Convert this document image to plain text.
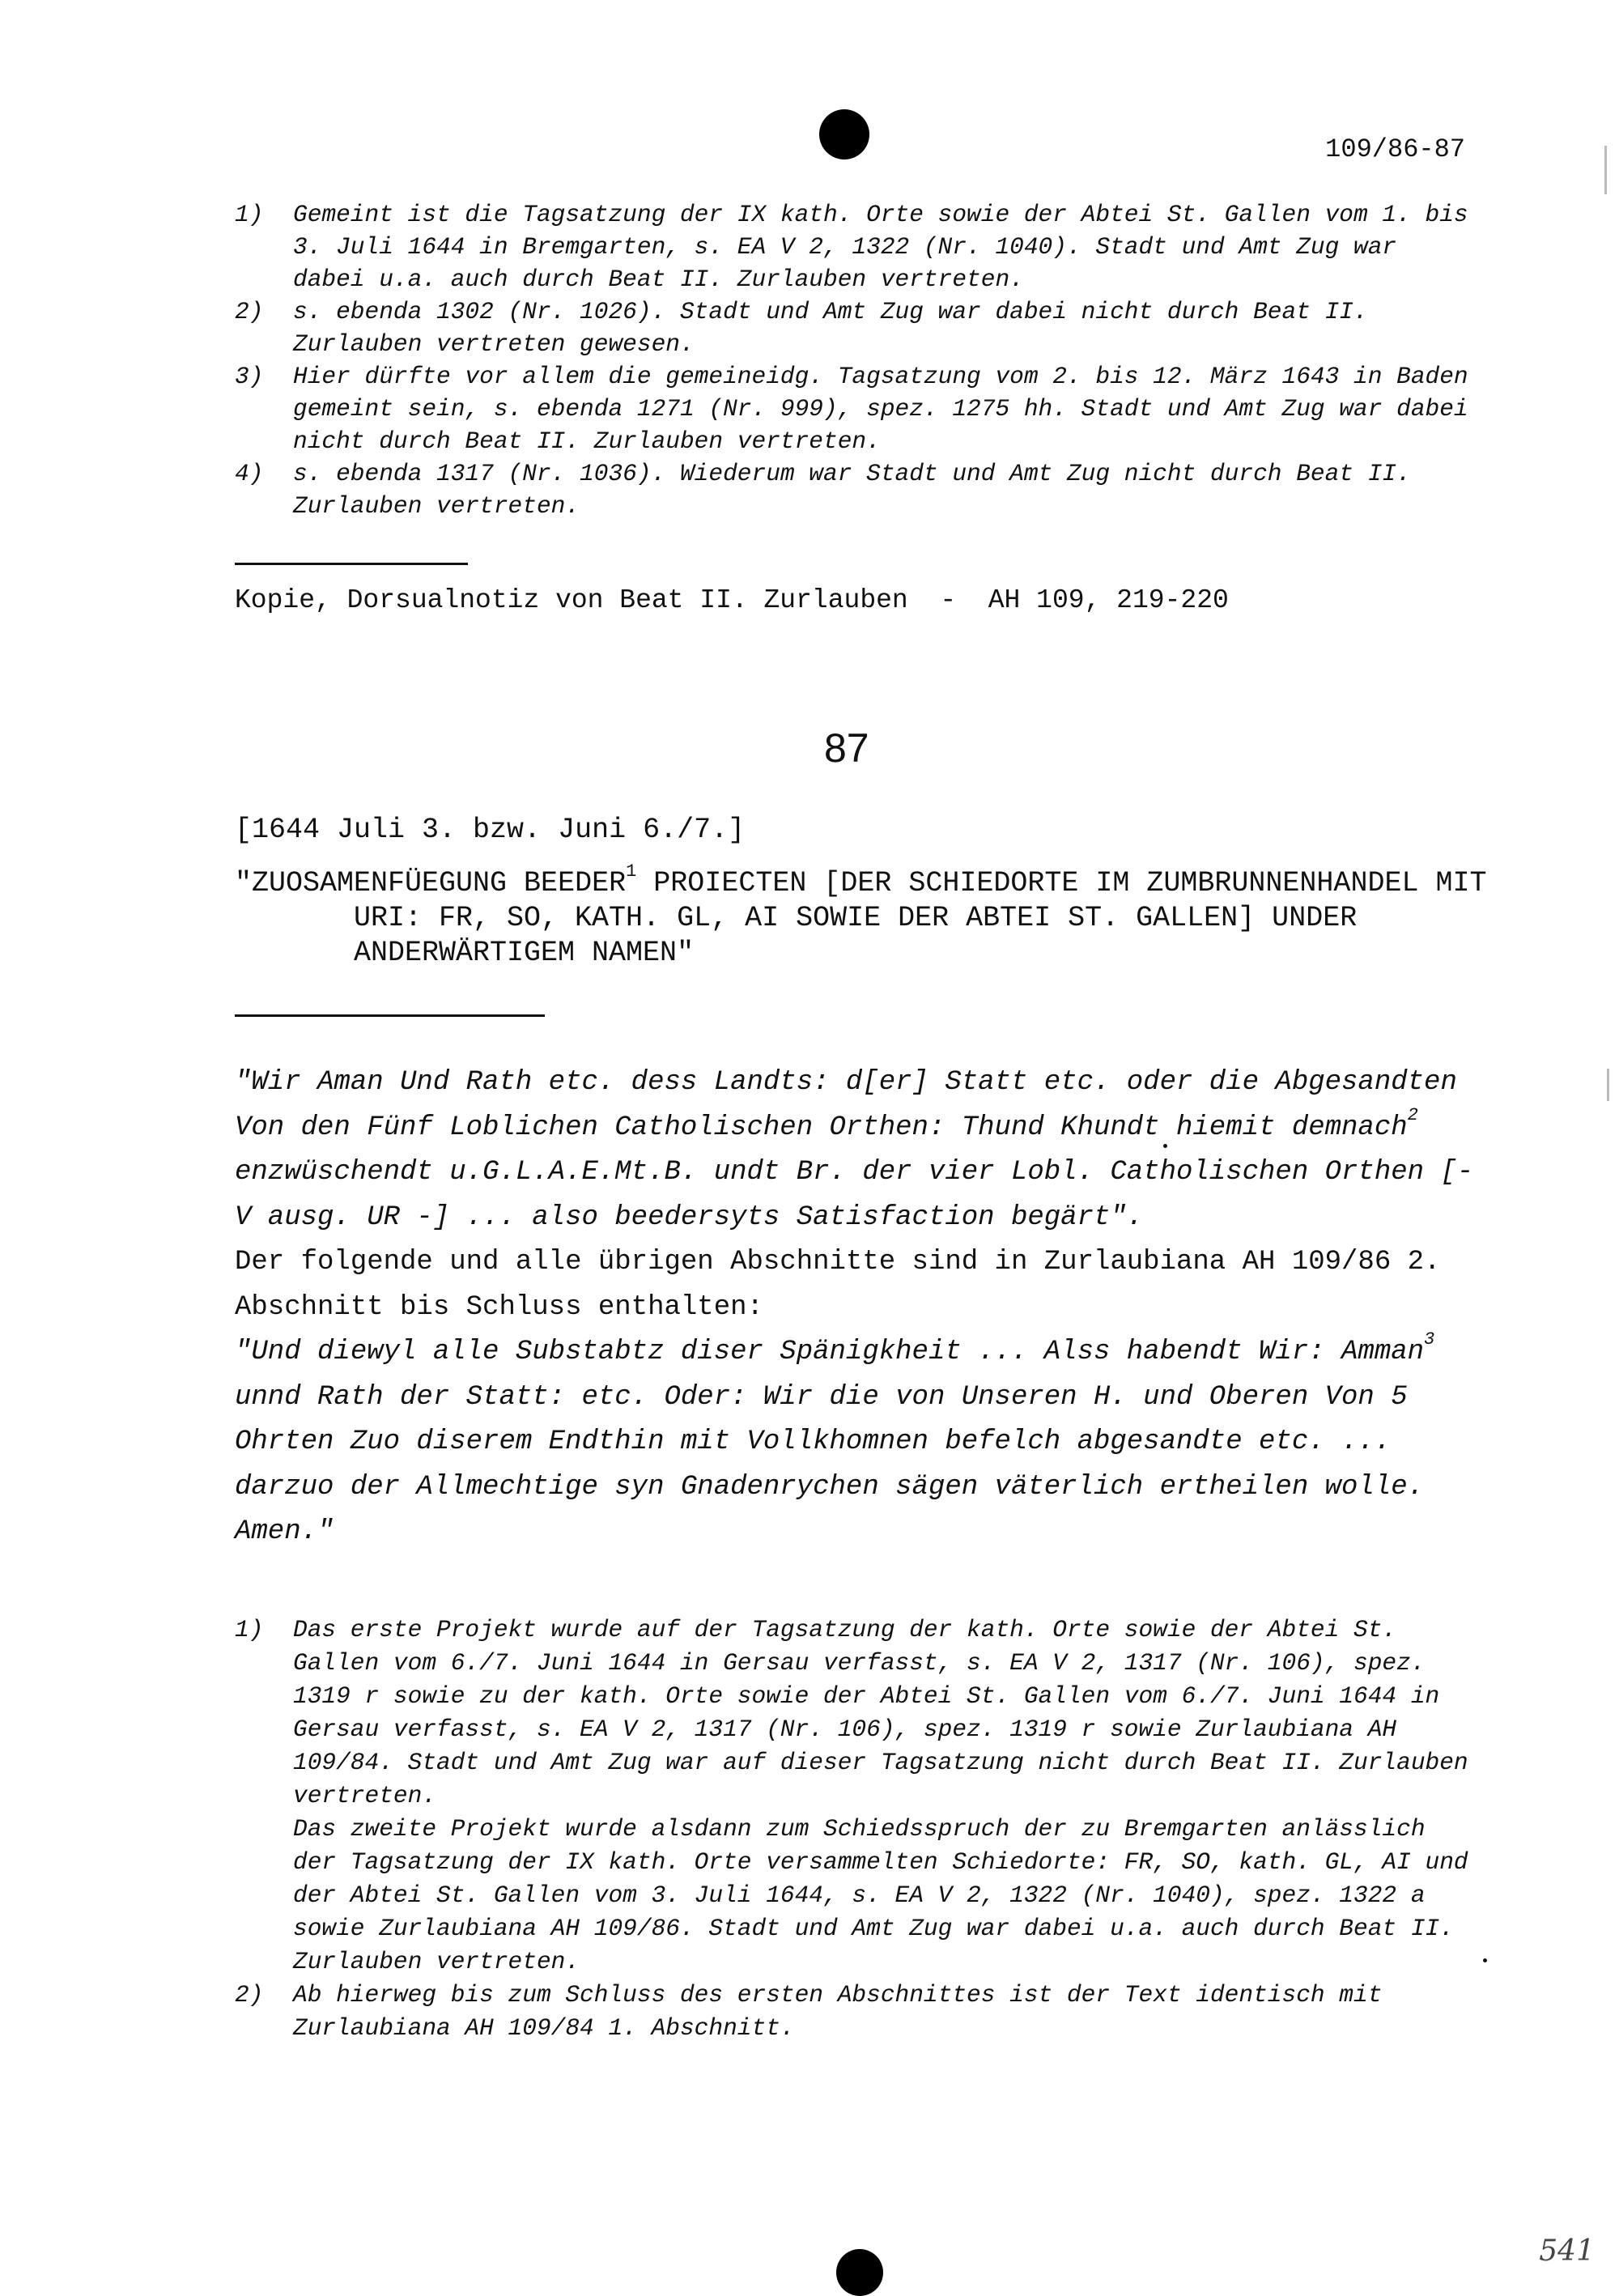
109/86-87
1) Gemeint ist die Tagsatzung der IX kath. Orte sowie der Abtei St. Gallen vom 1. bis 3. Juli 1644 in Bremgarten, s. EA V 2, 1322 (Nr. 1040). Stadt und Amt Zug war dabei u.a. auch durch Beat II. Zurlauben vertreten.
2) s. ebenda 1302 (Nr. 1026). Stadt und Amt Zug war dabei nicht durch Beat II. Zurlauben vertreten gewesen.
3) Hier dürfte vor allem die gemeineidg. Tagsatzung vom 2. bis 12. März 1643 in Baden gemeint sein, s. ebenda 1271 (Nr. 999), spez. 1275 hh. Stadt und Amt Zug war dabei nicht durch Beat II. Zurlauben vertreten.
4) s. ebenda 1317 (Nr. 1036). Wiederum war Stadt und Amt Zug nicht durch Beat II. Zurlauben vertreten.
Kopie, Dorsualnotiz von Beat II. Zurlauben  -  AH 109, 219-220
87
[1644 Juli 3. bzw. Juni 6./7.]
"ZUOSAMENFÜEGUNG BEEDER$^1$ PROIECTEN [DER SCHIEDORTE IM ZUMBRUNNENHANDEL MIT URI: FR, SO, KATH. GL, AI SOWIE DER ABTEI ST. GALLEN] UNDER ANDERWÄRTIGEM NAMEN"
"Wir Aman Und Rath etc. dess Landts: d[er] Statt etc. oder die Abgesandten Von den Fünf Loblichen Catholischen Orthen: Thund Khundt hiemit demnach$^2$ enzwüschendt u.G.L.A.E.Mt.B. undt Br. der vier Lobl. Catholischen Orthen [- V ausg. UR -] ... also beedersyts Satisfaction begärt".
Der folgende und alle übrigen Abschnitte sind in Zurlaubiana AH 109/86 2. Abschnitt bis Schluss enthalten:
"Und diewyl alle Substabtz diser Spänigkheit ... Alss habendt Wir: Amman$^3$ unnd Rath der Statt: etc. Oder: Wir die von Unseren H. und Oberen Von 5 Ohrten Zuo diserem Endthin mit Vollkhomnen befelch abgesandte etc. ... darzuo der Allmechtige syn Gnadenrychen sägen väterlich ertheilen wolle. Amen."
1) Das erste Projekt wurde auf der Tagsatzung der kath. Orte sowie der Abtei St. Gallen vom 6./7. Juni 1644 in Gersau verfasst, s. EA V 2, 1317 (Nr. 106), spez. 1319 r sowie zu der kath. Orte sowie der Abtei St. Gallen vom 6./7. Juni 1644 in Gersau verfasst, s. EA V 2, 1317 (Nr. 106), spez. 1319 r sowie Zurlaubiana AH 109/84. Stadt und Amt Zug war auf dieser Tagsatzung nicht durch Beat II. Zurlauben vertreten.
Das zweite Projekt wurde alsdann zum Schiedsspruch der zu Bremgarten anlässlich der Tagsatzung der IX kath. Orte versammelten Schiedorte: FR, SO, kath. GL, AI und der Abtei St. Gallen vom 3. Juli 1644, s. EA V 2, 1322 (Nr. 1040), spez. 1322 a sowie Zurlaubiana AH 109/86. Stadt und Amt Zug war dabei u.a. auch durch Beat II. Zurlauben vertreten.
2) Ab hierweg bis zum Schluss des ersten Abschnittes ist der Text identisch mit Zurlaubiana AH 109/84 1. Abschnitt.
541
